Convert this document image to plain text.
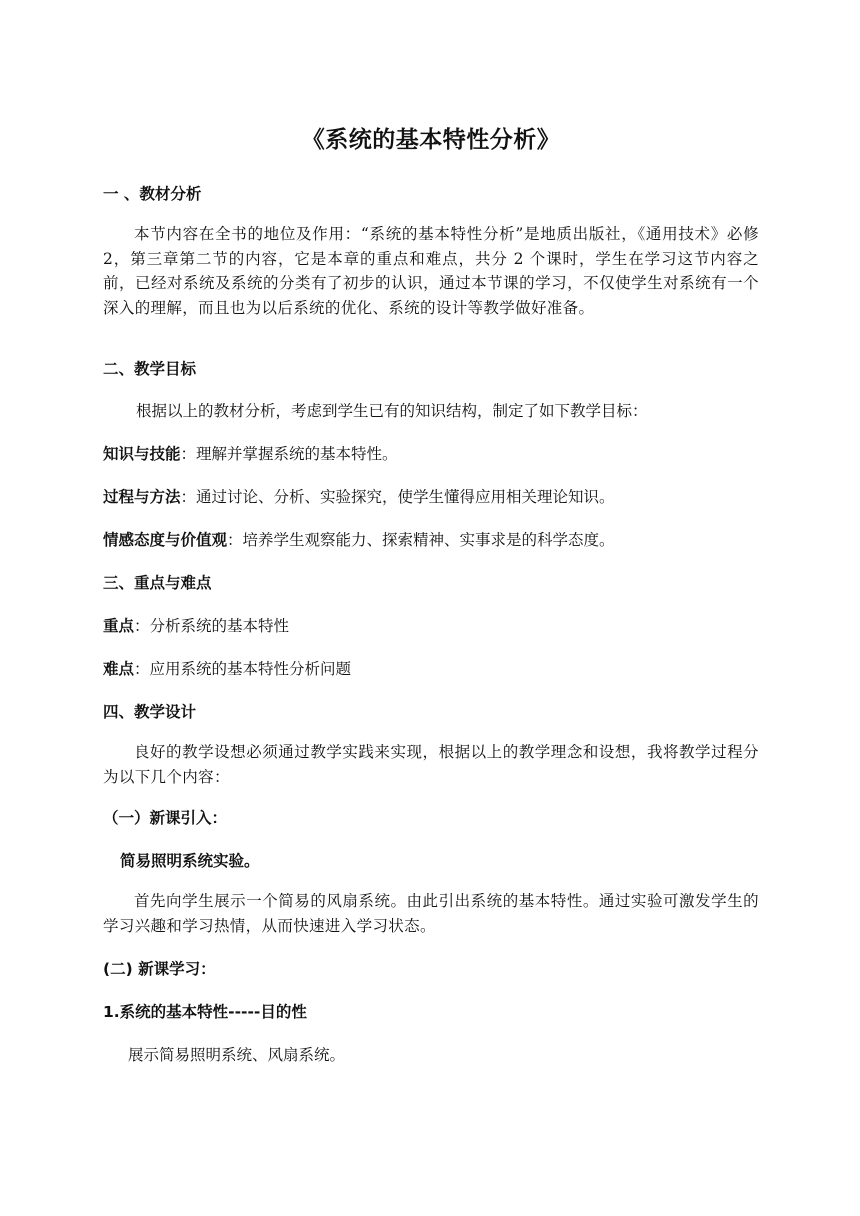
《系统的基本特性分析》
一 、教材分析
本节内容在全书的地位及作用：“系统的基本特性分析”是地质出版社，《通用技术》必修2，第三章第二节的内容，它是本章的重点和难点，共分 2 个课时，学生在学习这节内容之前，已经对系统及系统的分类有了初步的认识，通过本节课的学习，不仅使学生对系统有一个深入的理解，而且也为以后系统的优化、系统的设计等教学做好准备。
二、教学目标
根据以上的教材分析，考虑到学生已有的知识结构，制定了如下教学目标：
知识与技能：理解并掌握系统的基本特性。
过程与方法：通过讨论、分析、实验探究，使学生懂得应用相关理论知识。
情感态度与价值观：培养学生观察能力、探索精神、实事求是的科学态度。
三、重点与难点
重点：分析系统的基本特性
难点：应用系统的基本特性分析问题
四、教学设计
良好的教学设想必须通过教学实践来实现，根据以上的教学理念和设想，我将教学过程分为以下几个内容：
（一）新课引入：
简易照明系统实验。
首先向学生展示一个简易的风扇系统。由此引出系统的基本特性。通过实验可激发学生的学习兴趣和学习热情，从而快速进入学习状态。
(二) 新课学习：
1.系统的基本特性-----目的性
展示简易照明系统、风扇系统。
